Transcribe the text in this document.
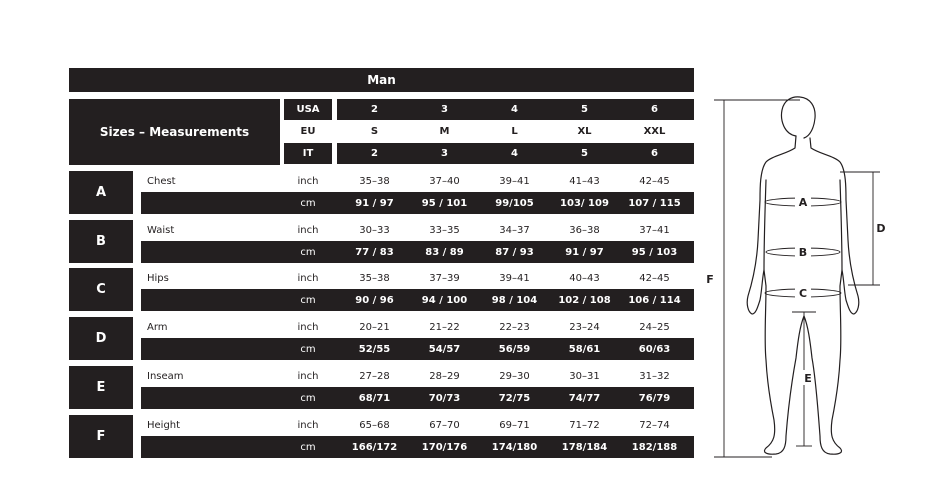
Man
Sizes – Measurements
USA	2	3	4	5	6
EU	S	M	L	XL	XXL
IT	2	3	4	5	6
A
Chest	inch	35–38	37–40	39–41	41–43	42–45
cm	91 / 97	95 / 101	99/105	103/ 109	107 / 115
B
Waist	inch	30–33	33–35	34–37	36–38	37–41
cm	77 / 83	83 / 89	87 / 93	91 / 97	95 / 103
C
Hips	inch	35–38	37–39	39–41	40–43	42–45
cm	90 / 96	94 / 100	98 / 104	102 / 108	106 / 114
D
Arm	inch	20–21	21–22	22–23	23–24	24–25
cm	52/55	54/57	56/59	58/61	60/63
E
Inseam	inch	27–28	28–29	29–30	30–31	31–32
cm	68/71	70/73	72/75	74/77	76/79
F
Height	inch	65–68	67–70	69–71	71–72	72–74
cm	166/172	170/176	174/180	178/184	182/188
A
B
C
D
E
F
